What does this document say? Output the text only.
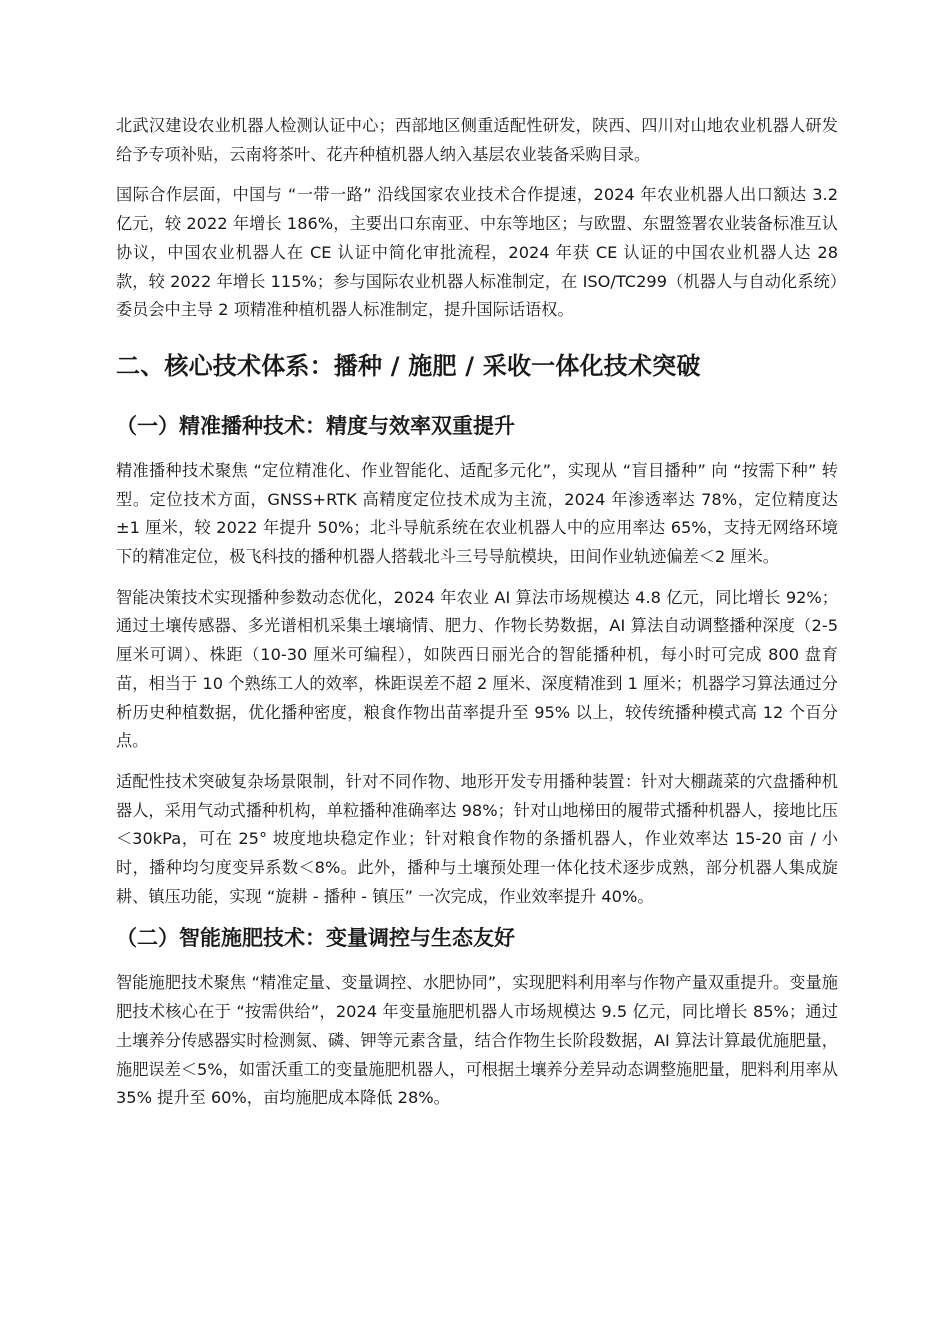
北武汉建设农业机器人检测认证中心；西部地区侧重适配性研发，陕西、四川对山地农业机器人研发给予专项补贴，云南将茶叶、花卉种植机器人纳入基层农业装备采购目录。

国际合作层面，中国与 “一带一路” 沿线国家农业技术合作提速，2024 年农业机器人出口额达 3.2 亿元，较 2022 年增长 186%，主要出口东南亚、中东等地区；与欧盟、东盟签署农业装备标准互认协议，中国农业机器人在 CE 认证中简化审批流程，2024 年获 CE 认证的中国农业机器人达 28 款，较 2022 年增长 115%；参与国际农业机器人标准制定，在 ISO/TC299（机器人与自动化系统）委员会中主导 2 项精准种植机器人标准制定，提升国际话语权。

二、核心技术体系：播种 / 施肥 / 采收一体化技术突破
（一）精准播种技术：精度与效率双重提升

精准播种技术聚焦 “定位精准化、作业智能化、适配多元化”，实现从 “盲目播种” 向 “按需下种” 转型。定位技术方面，GNSS+RTK 高精度定位技术成为主流，2024 年渗透率达 78%，定位精度达 ±1 厘米，较 2022 年提升 50%；北斗导航系统在农业机器人中的应用率达 65%，支持无网络环境下的精准定位，极飞科技的播种机器人搭载北斗三号导航模块，田间作业轨迹偏差＜2 厘米。

智能决策技术实现播种参数动态优化，2024 年农业 AI 算法市场规模达 4.8 亿元，同比增长 92%；通过土壤传感器、多光谱相机采集土壤墒情、肥力、作物长势数据，AI 算法自动调整播种深度（2-5 厘米可调）、株距（10-30 厘米可编程），如陕西日丽光合的智能播种机，每小时可完成 800 盘育苗，相当于 10 个熟练工人的效率，株距误差不超 2 厘米、深度精准到 1 厘米；机器学习算法通过分析历史种植数据，优化播种密度，粮食作物出苗率提升至 95% 以上，较传统播种模式高 12 个百分点。

适配性技术突破复杂场景限制，针对不同作物、地形开发专用播种装置：针对大棚蔬菜的穴盘播种机器人，采用气动式播种机构，单粒播种准确率达 98%；针对山地梯田的履带式播种机器人，接地比压＜30kPa，可在 25° 坡度地块稳定作业；针对粮食作物的条播机器人，作业效率达 15-20 亩 / 小时，播种均匀度变异系数＜8%。此外，播种与土壤预处理一体化技术逐步成熟，部分机器人集成旋耕、镇压功能，实现 “旋耕 - 播种 - 镇压” 一次完成，作业效率提升 40%。

（二）智能施肥技术：变量调控与生态友好

智能施肥技术聚焦 “精准定量、变量调控、水肥协同”，实现肥料利用率与作物产量双重提升。变量施肥技术核心在于 “按需供给”，2024 年变量施肥机器人市场规模达 9.5 亿元，同比增长 85%；通过土壤养分传感器实时检测氮、磷、钾等元素含量，结合作物生长阶段数据，AI 算法计算最优施肥量，施肥误差＜5%，如雷沃重工的变量施肥机器人，可根据土壤养分差异动态调整施肥量，肥料利用率从 35% 提升至 60%，亩均施肥成本降低 28%。
